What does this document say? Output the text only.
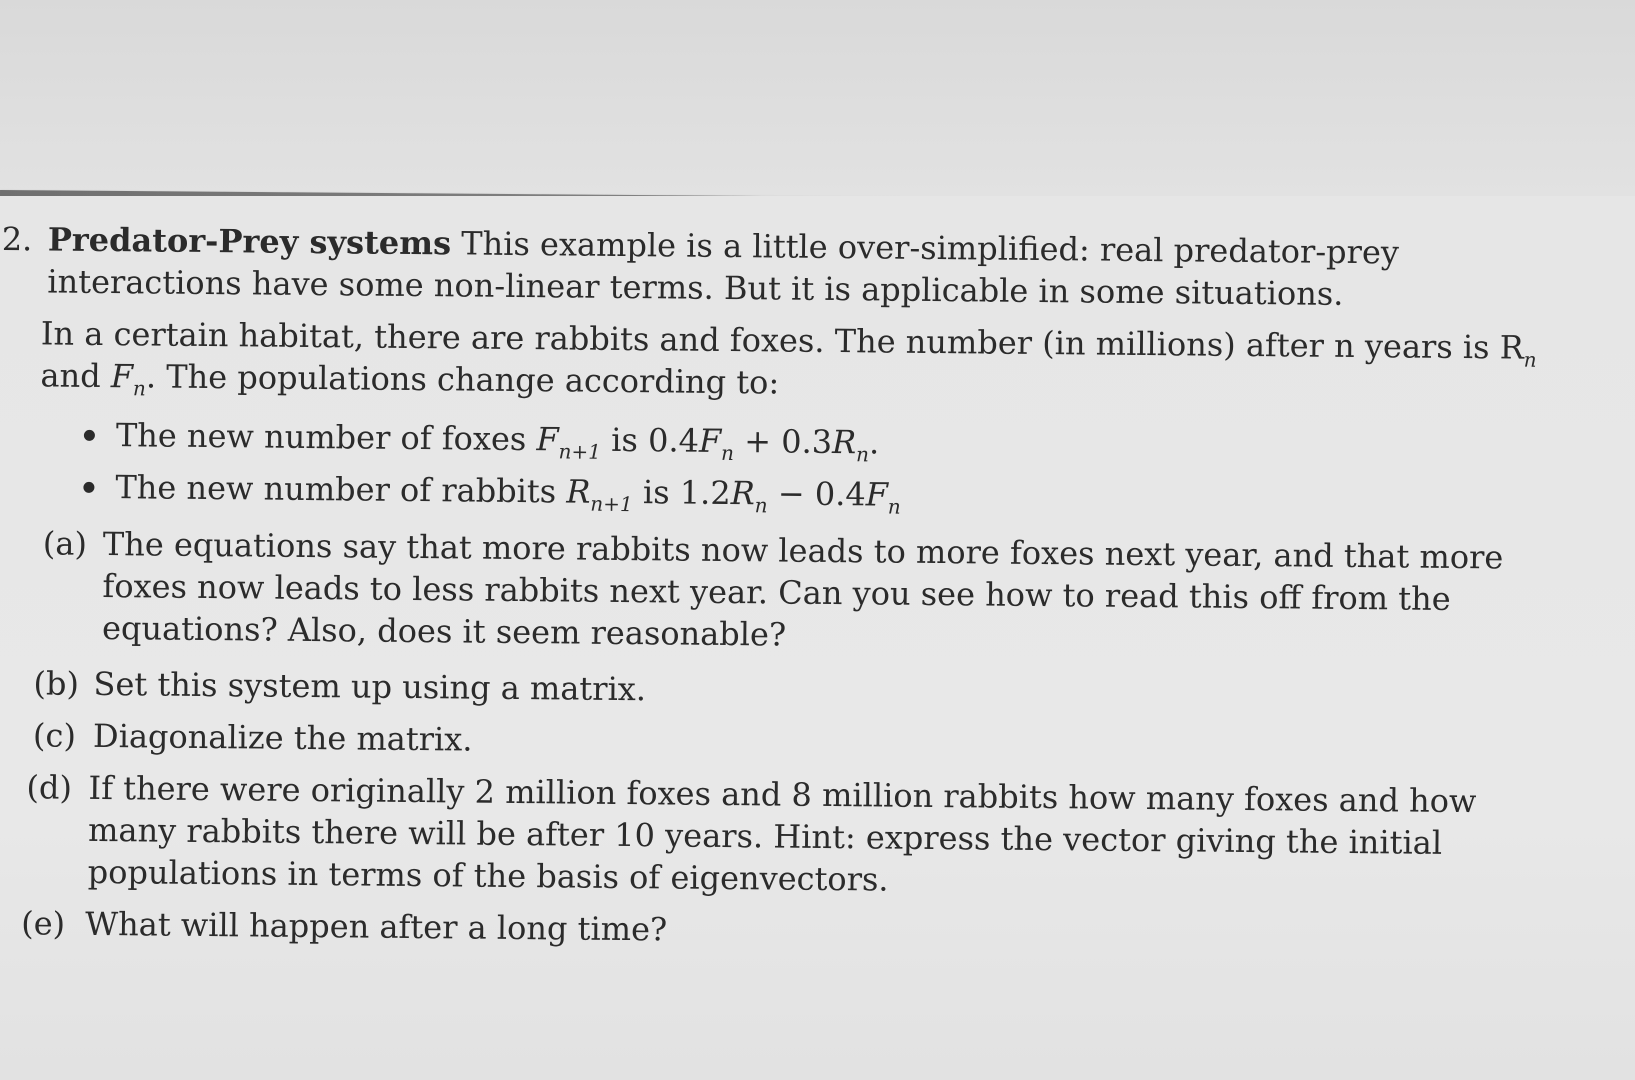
2. Predator-Prey systems This example is a little over-simplified: real predator-prey interactions have some non-linear terms. But it is applicable in some situations.

In a certain habitat, there are rabbits and foxes. The number (in millions) after n years is $R_n$ and $F_n$. The populations change according to:

The new number of foxes $F_{n+1}$ is $0.4F_n + 0.3R_n$.
The new number of rabbits $R_{n+1}$ is $1.2R_n - 0.4F_n$
(a) The equations say that more rabbits now leads to more foxes next year, and that more foxes now leads to less rabbits next year. Can you see how to read this off from the equations? Also, does it seem reasonable?
(b) Set this system up using a matrix.
(c) Diagonalize the matrix.
(d) If there were originally 2 million foxes and 8 million rabbits how many foxes and how many rabbits there will be after 10 years. Hint: express the vector giving the initial populations in terms of the basis of eigenvectors.
(e) What will happen after a long time?
